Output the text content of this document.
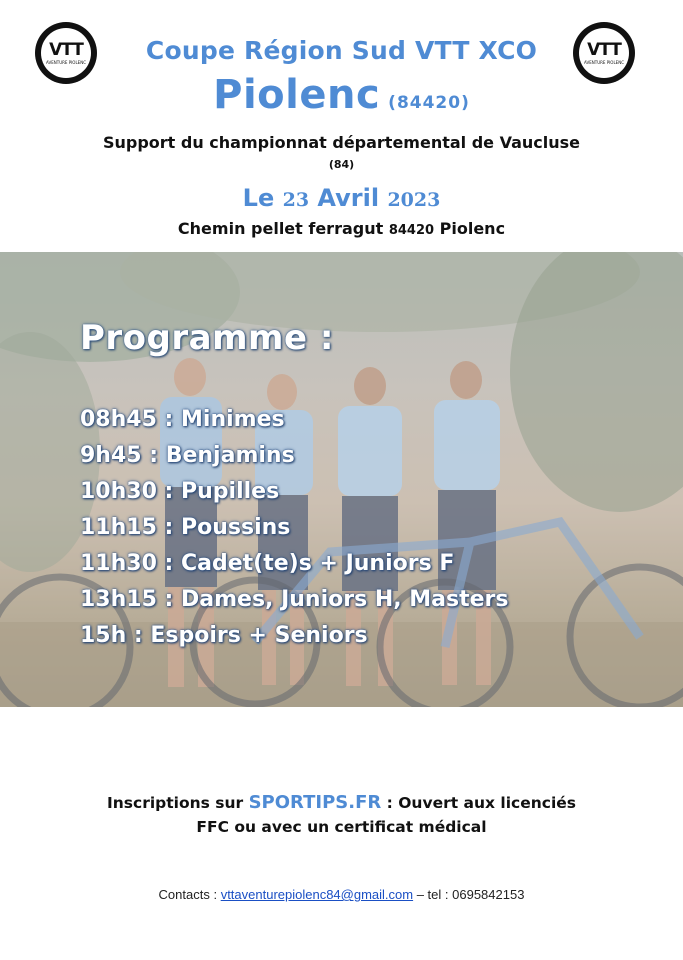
VTT
AVENTURE PIOLENC
VTT
AVENTURE PIOLENC
Coupe Région Sud VTT XCO
Piolenc (84420)
Support du championnat départemental de Vaucluse
(84)
Le 23 Avril 2023
Chemin pellet ferragut 84420 Piolenc
Programme :
08h45 : Minimes
9h45 : Benjamins
10h30 : Pupilles
11h15 : Poussins
11h30 : Cadet(te)s + Juniors F
13h15 : Dames, Juniors H, Masters
15h : Espoirs + Seniors
Inscriptions sur SPORTIPS.FR : Ouvert aux licenciés
FFC ou avec un certificat médical
Contacts : vttaventurepiolenc84@gmail.com – tel : 0695842153
